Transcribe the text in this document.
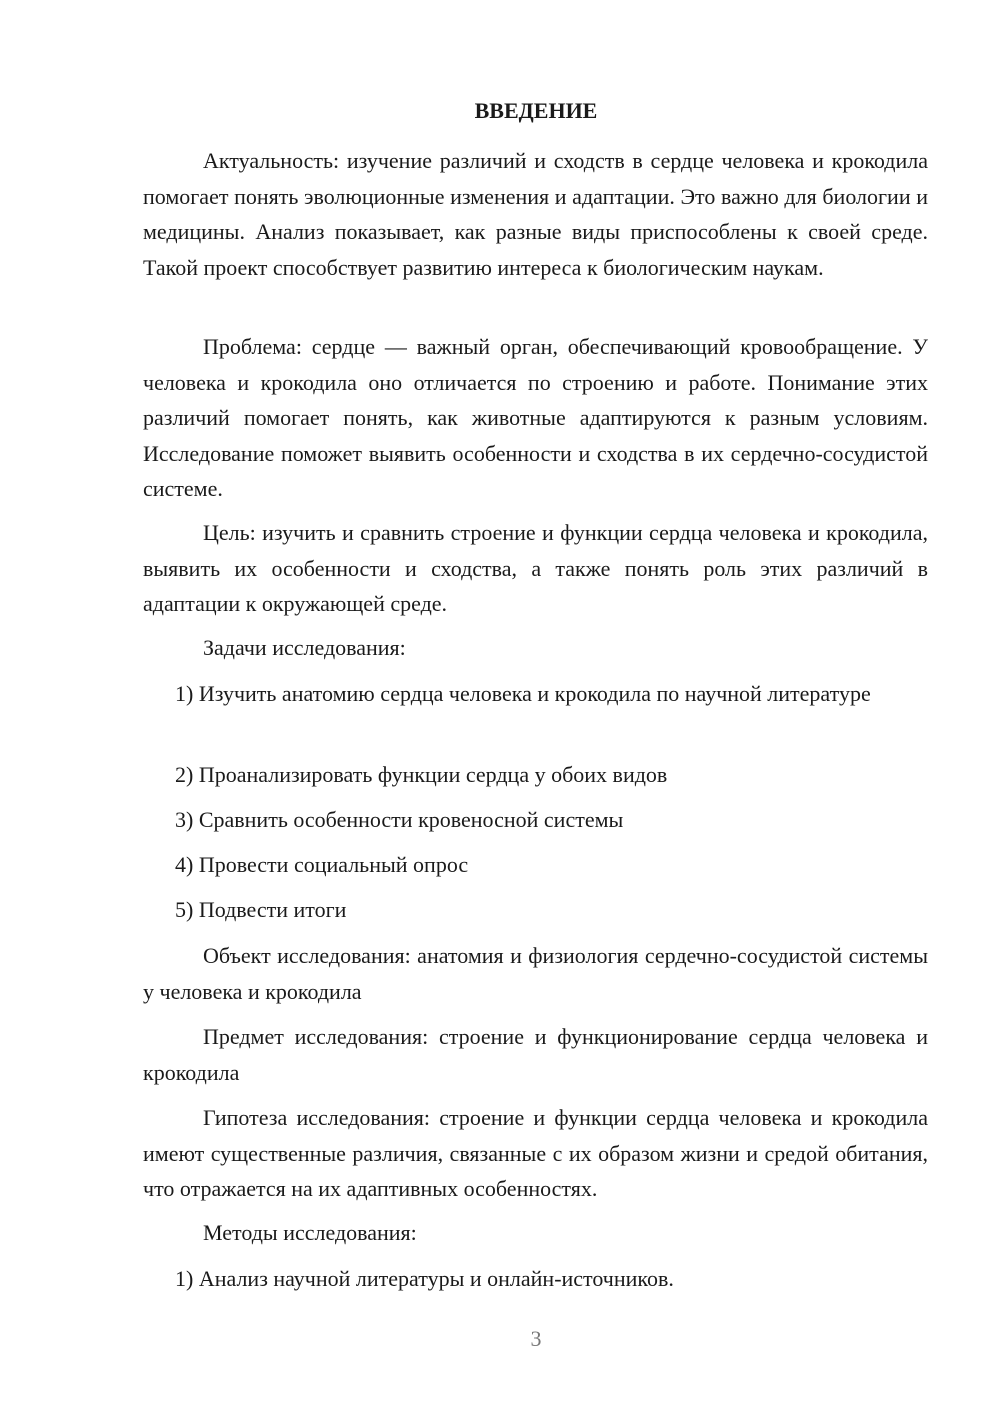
ВВЕДЕНИЕ

Актуальность: изучение различий и сходств в сердце человека и крокодила помогает понять эволюционные изменения и адаптации. Это важно для биологии и медицины. Анализ показывает, как разные виды приспособлены к своей среде. Такой проект способствует развитию интереса к биологическим наукам.

Проблема: сердце — важный орган, обеспечивающий кровообращение. У человека и крокодила оно отличается по строению и работе. Понимание этих различий помогает понять, как животные адаптируются к разным условиям. Исследование поможет выявить особенности и сходства в их сердечно-сосудистой системе.

Цель: изучить и сравнить строение и функции сердца человека и крокодила, выявить их особенности и сходства, а также понять роль этих различий в адаптации к окружающей среде.

Задачи исследования:

1) Изучить анатомию сердца человека и крокодила по научной литературе

2) Проанализировать функции сердца у обоих видов

3) Сравнить особенности кровеносной системы

4) Провести социальный опрос

5) Подвести итоги

Объект исследования: анатомия и физиология сердечно-сосудистой системы у человека и крокодила

Предмет исследования: строение и функционирование сердца человека и крокодила

Гипотеза исследования: строение и функции сердца человека и крокодила имеют существенные различия, связанные с их образом жизни и средой обитания, что отражается на их адаптивных особенностях.

Методы исследования:

1) Анализ научной литературы и онлайн-источников.

3
